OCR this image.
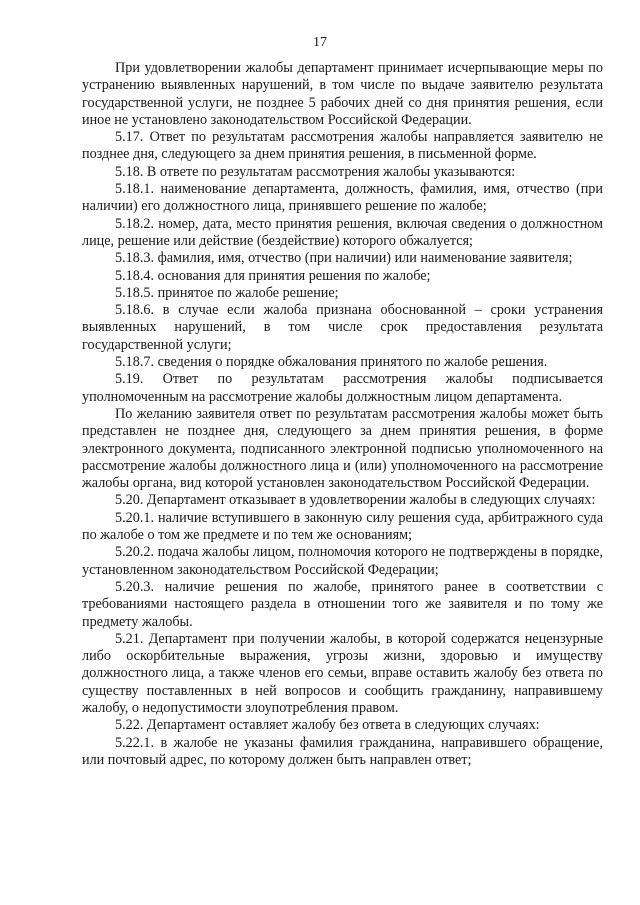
17

При удовлетворении жалобы департамент принимает исчерпывающие меры по устранению выявленных нарушений, в том числе по выдаче заявителю результата государственной услуги, не позднее 5 рабочих дней со дня принятия решения, если иное не установлено законодательством Российской Федерации.

5.17. Ответ по результатам рассмотрения жалобы направляется заявителю не позднее дня, следующего за днем принятия решения, в письменной форме.

5.18. В ответе по результатам рассмотрения жалобы указываются:

5.18.1. наименование департамента, должность, фамилия, имя, отчество (при наличии) его должностного лица, принявшего решение по жалобе;

5.18.2. номер, дата, место принятия решения, включая сведения о должностном лице, решение или действие (бездействие) которого обжалуется;

5.18.3. фамилия, имя, отчество (при наличии) или наименование заявителя;

5.18.4. основания для принятия решения по жалобе;

5.18.5. принятое по жалобе решение;

5.18.6. в случае если жалоба признана обоснованной – сроки устранения выявленных нарушений, в том числе срок предоставления результата государственной услуги;

5.18.7. сведения о порядке обжалования принятого по жалобе решения.

5.19. Ответ по результатам рассмотрения жалобы подписывается уполномоченным на рассмотрение жалобы должностным лицом департамента.

По желанию заявителя ответ по результатам рассмотрения жалобы может быть представлен не позднее дня, следующего за днем принятия решения, в форме электронного документа, подписанного электронной подписью уполномоченного на рассмотрение жалобы должностного лица и (или) уполномоченного на рассмотрение жалобы органа, вид которой установлен законодательством Российской Федерации.

5.20. Департамент отказывает в удовлетворении жалобы в следующих случаях:

5.20.1. наличие вступившего в законную силу решения суда, арбитражного суда по жалобе о том же предмете и по тем же основаниям;

5.20.2. подача жалобы лицом, полномочия которого не подтверждены в порядке, установленном законодательством Российской Федерации;

5.20.3. наличие решения по жалобе, принятого ранее в соответствии с требованиями настоящего раздела в отношении того же заявителя и по тому же предмету жалобы.

5.21. Департамент при получении жалобы, в которой содержатся нецензурные либо оскорбительные выражения, угрозы жизни, здоровью и имуществу должностного лица, а также членов его семьи, вправе оставить жалобу без ответа по существу поставленных в ней вопросов и сообщить гражданину, направившему жалобу, о недопустимости злоупотребления правом.

5.22. Департамент оставляет жалобу без ответа в следующих случаях:

5.22.1. в жалобе не указаны фамилия гражданина, направившего обращение, или почтовый адрес, по которому должен быть направлен ответ;
